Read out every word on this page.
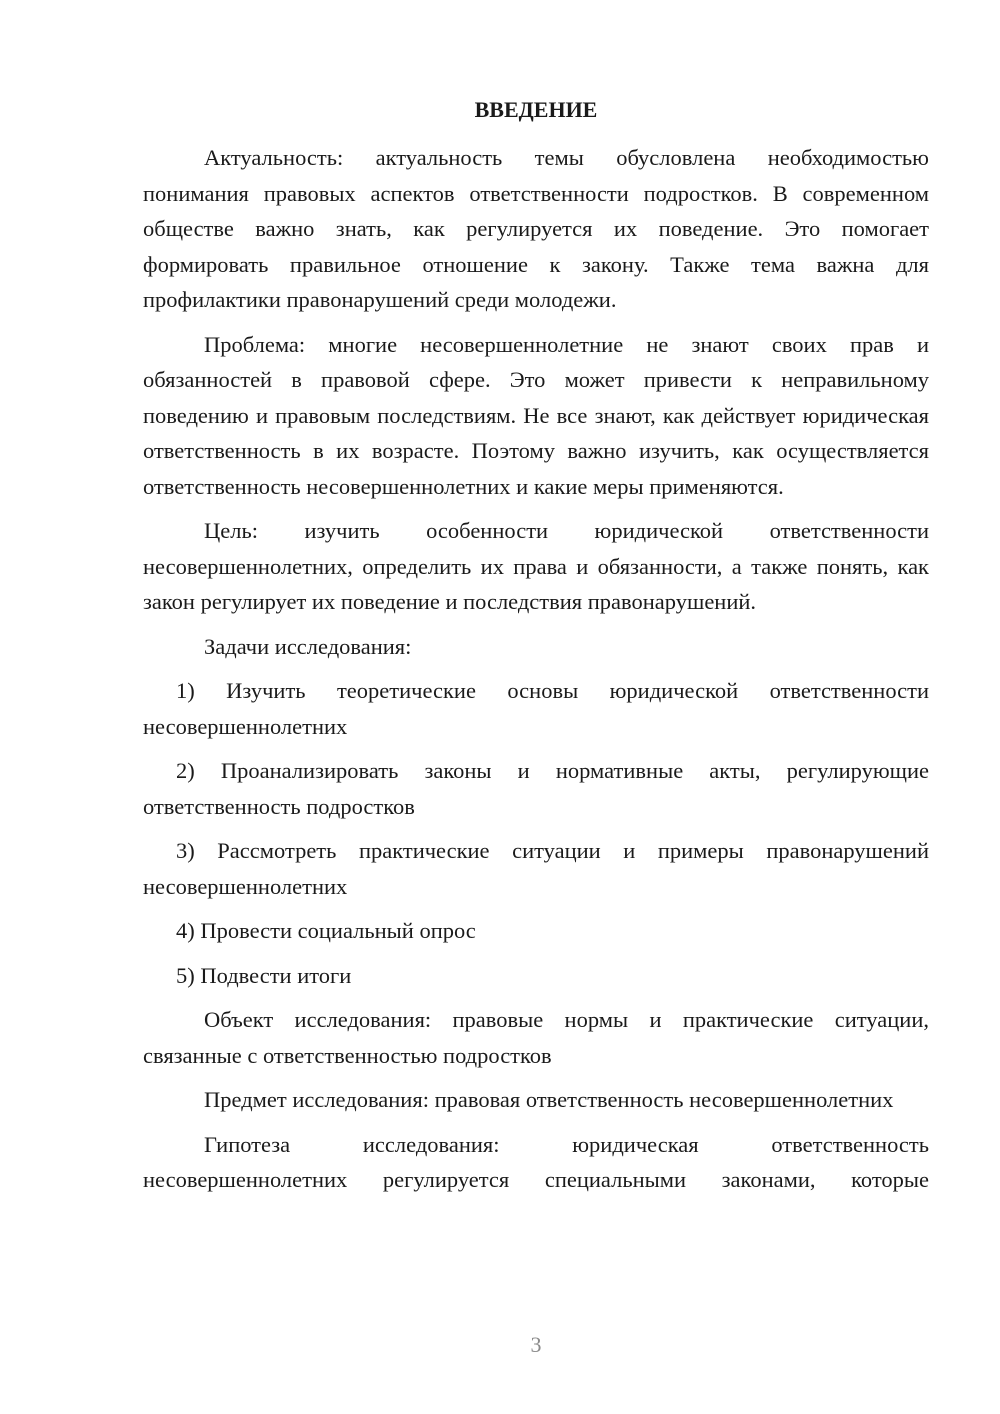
ВВЕДЕНИЕ

Актуальность: актуальность темы обусловлена необходимостью понимания правовых аспектов ответственности подростков. В современном обществе важно знать, как регулируется их поведение. Это помогает формировать правильное отношение к закону. Также тема важна для профилактики правонарушений среди молодежи.

Проблема: многие несовершеннолетние не знают своих прав и обязанностей в правовой сфере. Это может привести к неправильному поведению и правовым последствиям. Не все знают, как действует юридическая ответственность в их возрасте. Поэтому важно изучить, как осуществляется ответственность несовершеннолетних и какие меры применяются.

Цель: изучить особенности юридической ответственности несовершеннолетних, определить их права и обязанности, а также понять, как закон регулирует их поведение и последствия правонарушений.

Задачи исследования:

1) Изучить теоретические основы юридической ответственности несовершеннолетних

2) Проанализировать законы и нормативные акты, регулирующие ответственность подростков

3) Рассмотреть практические ситуации и примеры правонарушений несовершеннолетних

4) Провести социальный опрос

5) Подвести итоги

Объект исследования: правовые нормы и практические ситуации, связанные с ответственностью подростков

Предмет исследования: правовая ответственность несовершеннолетних

Гипотеза исследования: юридическая ответственность несовершеннолетних регулируется специальными законами, которые

3
